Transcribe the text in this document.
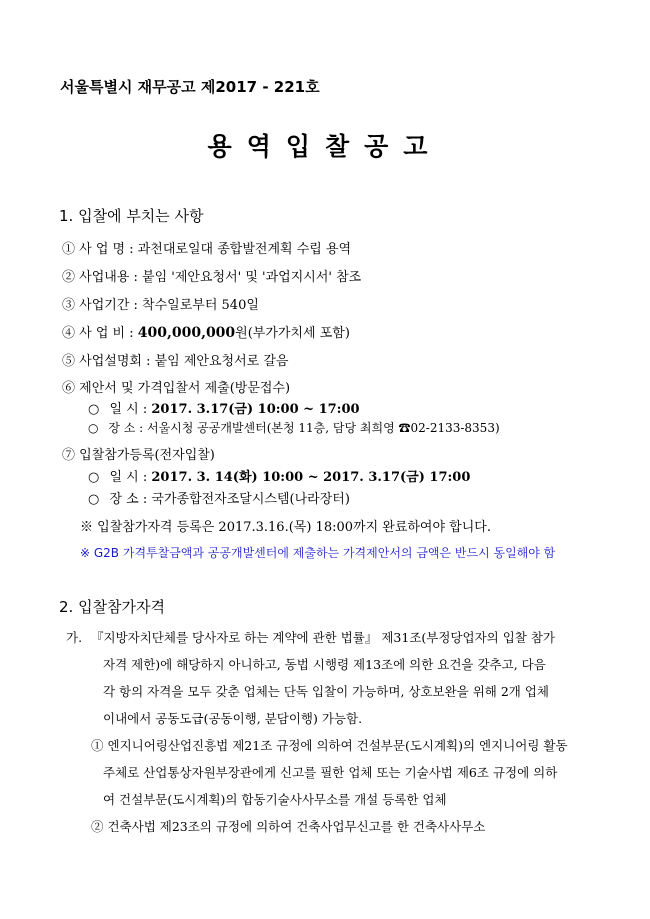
서울특별시 재무공고 제2017 - 221호
용역입찰공고
1. 입찰에 부치는 사항
① 사 업 명 : 과천대로일대 종합발전계획 수립 용역
② 사업내용 : 붙임 '제안요청서' 및 '과업지시서' 참조
③ 사업기간 : 착수일로부터 540일
④ 사 업 비 : 400,000,000원(부가가치세 포함)
⑤ 사업설명회 : 붙임 제안요청서로 갈음
⑥ 제안서 및 가격입찰서 제출(방문접수)
○ 일 시 : 2017. 3.17(금) 10:00 ~ 17:00
○ 장 소 : 서울시청 공공개발센터(본청 11층, 담당 최희영 ☎02-2133-8353)
⑦ 입찰참가등록(전자입찰)
○ 일 시 : 2017. 3. 14(화) 10:00 ~ 2017. 3.17(금) 17:00
○ 장 소 : 국가종합전자조달시스템(나라장터)
※ 입찰참가자격 등록은 2017.3.16.(목) 18:00까지 완료하여야 합니다.
※ G2B 가격투찰금액과 공공개발센터에 제출하는 가격제안서의 금액은 반드시 동일해야 함
2. 입찰참가자격
가. 『지방자치단체를 당사자로 하는 계약에 관한 법률』 제31조(부정당업자의 입찰 참가
자격 제한)에 해당하지 아니하고, 동법 시행령 제13조에 의한 요건을 갖추고, 다음
각 항의 자격을 모두 갖춘 업체는 단독 입찰이 가능하며, 상호보완을 위해 2개 업체
이내에서 공동도급(공동이행, 분담이행) 가능함.
① 엔지니어링산업진흥법 제21조 규정에 의하여 건설부문(도시계획)의 엔지니어링 활동
주체로 산업통상자원부장관에게 신고를 필한 업체 또는 기술사법 제6조 규정에 의하
여 건설부문(도시계획)의 합동기술사사무소를 개설 등록한 업체
② 건축사법 제23조의 규정에 의하여 건축사업무신고를 한 건축사사무소
